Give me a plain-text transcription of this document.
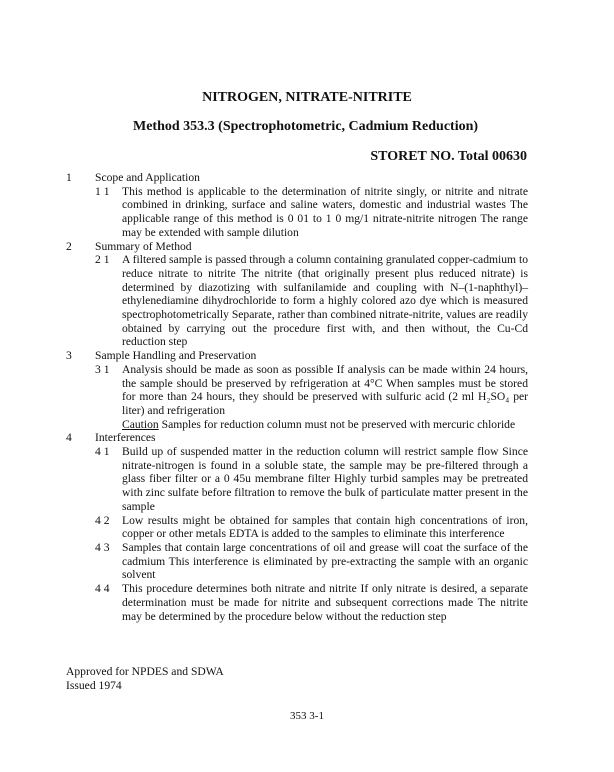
NITROGEN, NITRATE-NITRITE
Method 353.3 (Spectrophotometric, Cadmium Reduction)
STORET NO. Total 00630
1 Scope and Application
1 1 This method is applicable to the determination of nitrite singly, or nitrite and nitrate combined in drinking, surface and saline waters, domestic and industrial wastes The applicable range of this method is 0 01 to 1 0 mg/1 nitrate-nitrite nitrogen The range may be extended with sample dilution
2 Summary of Method
2 1 A filtered sample is passed through a column containing granulated copper-cadmium to reduce nitrate to nitrite The nitrite (that originally present plus reduced nitrate) is determined by diazotizing with sulfanilamide and coupling with N–(1-naphthyl)–ethylenediamine dihydrochloride to form a highly colored azo dye which is measured spectrophotometrically Separate, rather than combined nitrate-nitrite, values are readily obtained by carrying out the procedure first with, and then without, the Cu-Cd reduction step
3 Sample Handling and Preservation
3 1 Analysis should be made as soon as possible If analysis can be made within 24 hours, the sample should be preserved by refrigeration at 4°C When samples must be stored for more than 24 hours, they should be preserved with sulfuric acid (2 ml H₂SO₄ per liter) and refrigeration
Caution Samples for reduction column must not be preserved with mercuric chloride
4 Interferences
4 1 Build up of suspended matter in the reduction column will restrict sample flow Since nitrate-nitrogen is found in a soluble state, the sample may be pre-filtered through a glass fiber filter or a 0 45u membrane filter Highly turbid samples may be pretreated with zinc sulfate before filtration to remove the bulk of particulate matter present in the sample
4 2 Low results might be obtained for samples that contain high concentrations of iron, copper or other metals EDTA is added to the samples to eliminate this interference
4 3 Samples that contain large concentrations of oil and grease will coat the surface of the cadmium This interference is eliminated by pre-extracting the sample with an organic solvent
4 4 This procedure determines both nitrate and nitrite If only nitrate is desired, a separate determination must be made for nitrite and subsequent corrections made The nitrite may be determined by the procedure below without the reduction step
Approved for NPDES and SDWA
Issued 1974
353 3-1
